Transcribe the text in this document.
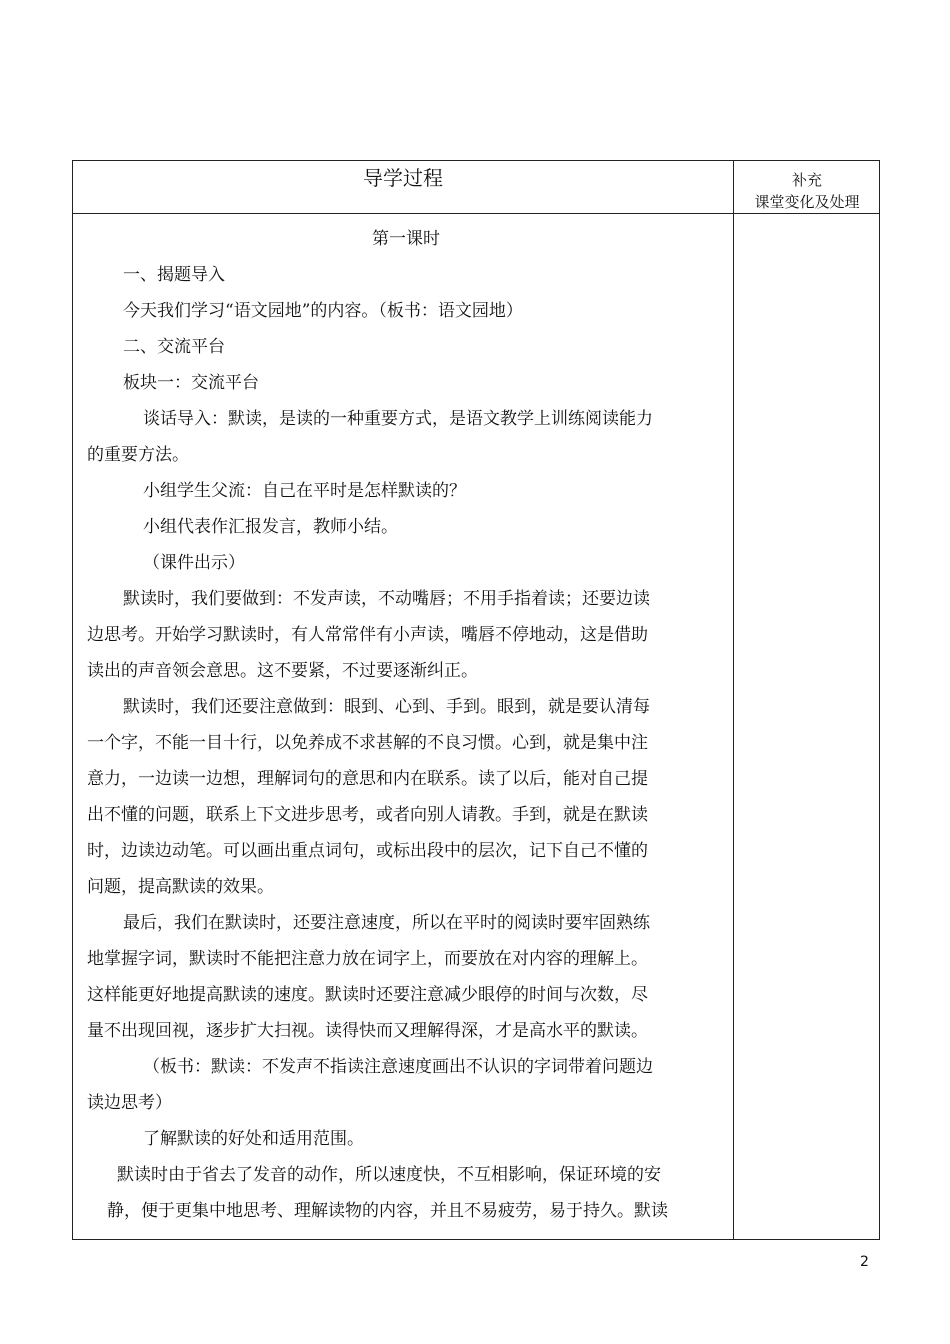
导学过程	补充
课堂变化及处理

第一课时

一、揭题导入

今天我们学习“语文园地”的内容。（板书：语文园地）

二、交流平台

板块一：交流平台

谈话导入：默读，是读的一种重要方式，是语文教学上训练阅读能力

的重要方法。

小组学生父流：自己在平时是怎样默读的？

小组代表作汇报发言，教师小结。

（课件出示）

默读时，我们要做到：不发声读，不动嘴唇；不用手指着读；还要边读

边思考。开始学习默读时，有人常常伴有小声读，嘴唇不停地动，这是借助

读出的声音领会意思。这不要紧，不过要逐渐纠正。

默读时，我们还要注意做到：眼到、心到、手到。眼到，就是要认清每

一个字，不能一目十行，以免养成不求甚解的不良习惯。心到，就是集中注

意力，一边读一边想，理解词句的意思和内在联系。读了以后，能对自己提

出不懂的问题，联系上下文进步思考，或者向别人请教。手到，就是在默读

时，边读边动笔。可以画出重点词句，或标出段中的层次，记下自己不懂的

问题，提高默读的效果。

最后，我们在默读时，还要注意速度，所以在平时的阅读时要牢固熟练

地掌握字词，默读时不能把注意力放在词字上，而要放在对内容的理解上。

这样能更好地提高默读的速度。默读时还要注意减少眼停的时间与次数，尽

量不出现回视，逐步扩大扫视。读得快而又理解得深，才是高水平的默读。

（板书：默读：不发声不指读注意速度画出不认识的字词带着问题边

读边思考）

了解默读的好处和适用范围。

默读时由于省去了发音的动作，所以速度快，不互相影响，保证环境的安

静，便于更集中地思考、理解读物的内容，并且不易疲劳，易于持久。默读

2
